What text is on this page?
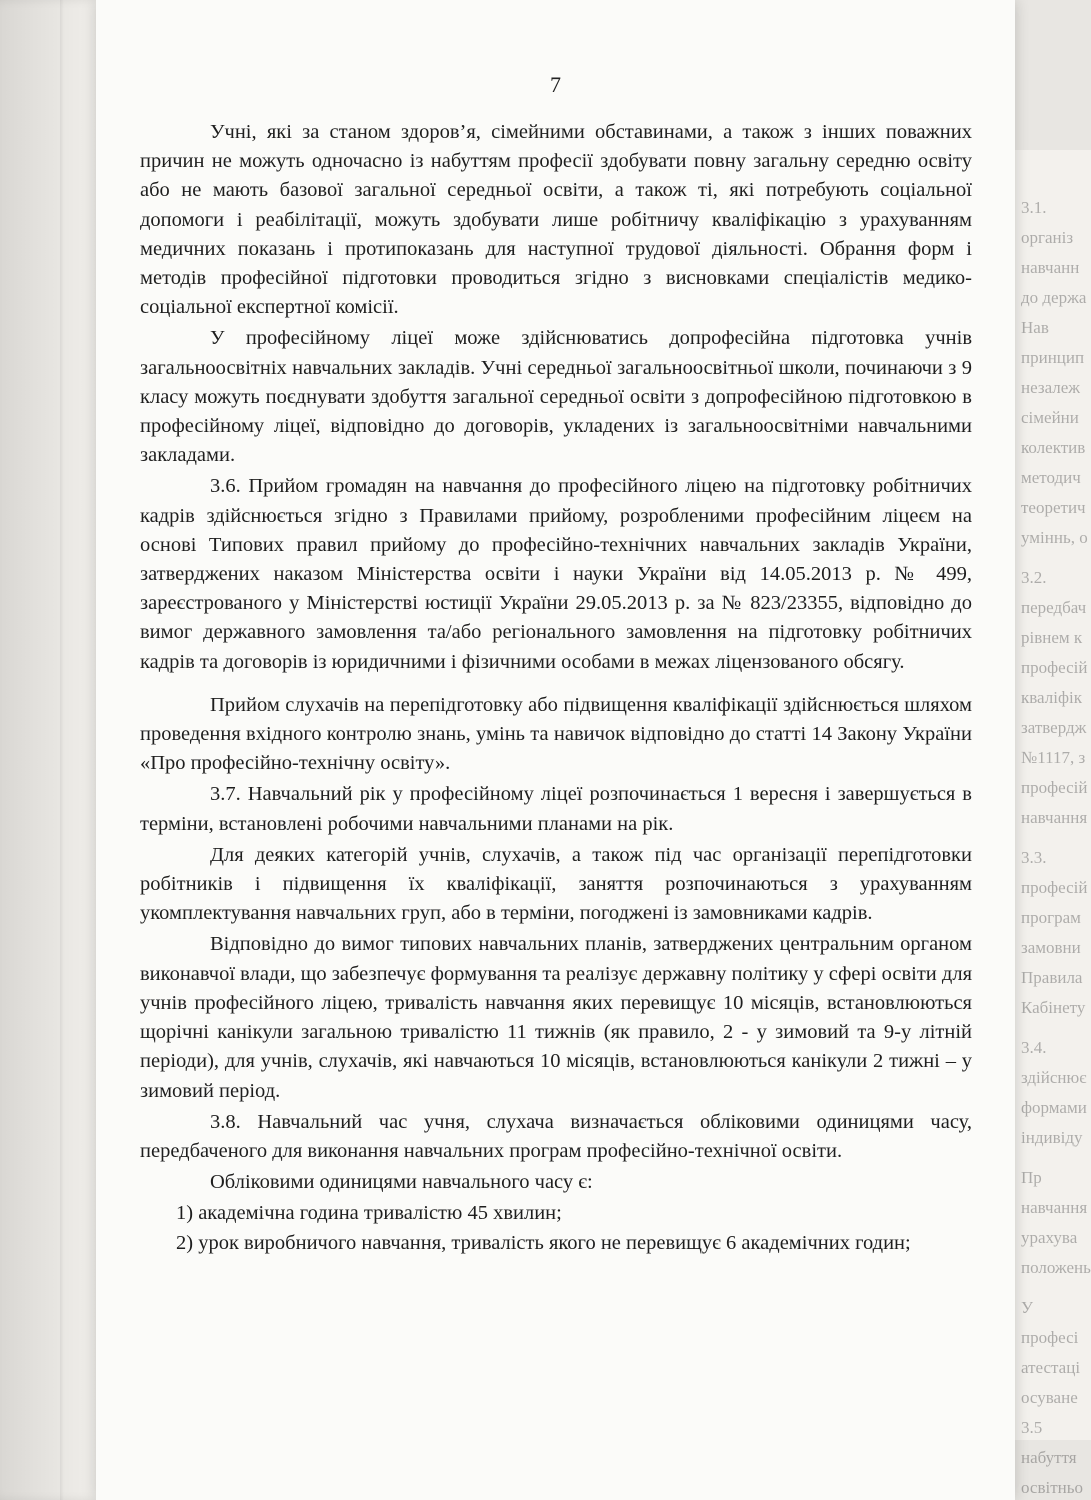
3.1.
організ
навчанн
до держа
Нав
принцип
незалеж
сімейни
колектив
методич
теоретич
уміннь, о
3.2.
передбач
рівнем к
професій
кваліфік
затвердж
№1117, з
професій
навчання
3.3.
професій
програм
замовни
Правила
Кабінету
3.4.
здійснює
формами
індивіду
Пр
навчання
урахува
положень
У
професі
атестаці
осуване
3.5
набуття
освітньо
7

Учні, які за станом здоров’я, сімейними обставинами, а також з інших поважних причин не можуть одночасно із набуттям професії здобувати повну загальну середню освіту або не мають базової загальної середньої освіти, а також ті, які потребують соціальної допомоги і реабілітації, можуть здобувати лише робітничу кваліфікацію з урахуванням медичних показань і протипоказань для наступної трудової діяльності. Обрання форм і методів професійної підготовки проводиться згідно з висновками спеціалістів медико-соціальної експертної комісії.

У професійному ліцеї може здійснюватись допрофесійна підготовка учнів загальноосвітніх навчальних закладів. Учні середньої загальноосвітньої школи, починаючи з 9 класу можуть поєднувати здобуття загальної середньої освіти з допрофесійною підготовкою в професійному ліцеї, відповідно до договорів, укладених із загальноосвітніми навчальними закладами.

3.6. Прийом громадян на навчання до професійного ліцею на підготовку робітничих кадрів здійснюється згідно з Правилами прийому, розробленими професійним ліцеєм на основі Типових правил прийому до професійно-технічних навчальних закладів України, затверджених наказом Міністерства освіти і науки України від 14.05.2013 р. № 499, зареєстрованого у Міністерстві юстиції України 29.05.2013 р. за № 823/23355, відповідно до вимог державного замовлення та/або регіонального замовлення на підготовку робітничих кадрів та договорів із юридичними і фізичними особами в межах ліцензованого обсягу.

Прийом слухачів на перепідготовку або підвищення кваліфікації здійснюється шляхом проведення вхідного контролю знань, умінь та навичок відповідно до статті 14 Закону України «Про професійно-технічну освіту».

3.7. Навчальний рік у професійному ліцеї розпочинається 1 вересня і завершується в терміни, встановлені робочими навчальними планами на рік.

Для деяких категорій учнів, слухачів, а також під час організації перепідготовки робітників і підвищення їх кваліфікації, заняття розпочинаються з урахуванням укомплектування навчальних груп, або в терміни, погоджені із замовниками кадрів.

Відповідно до вимог типових навчальних планів, затверджених центральним органом виконавчої влади, що забезпечує формування та реалізує державну політику у сфері освіти для учнів професійного ліцею, тривалість навчання яких перевищує 10 місяців, встановлюються щорічні канікули загальною тривалістю 11 тижнів (як правило, 2 - у зимовий та 9-у літній періоди), для учнів, слухачів, які навчаються 10 місяців, встановлюються канікули 2 тижні – у зимовий період.

3.8. Навчальний час учня, слухача визначається обліковими одиницями часу, передбаченого для виконання навчальних програм професійно-технічної освіти.

Обліковими одиницями навчального часу є:

1) академічна година тривалістю 45 хвилин;

2) урок виробничого навчання, тривалість якого не перевищує 6 академічних годин;
